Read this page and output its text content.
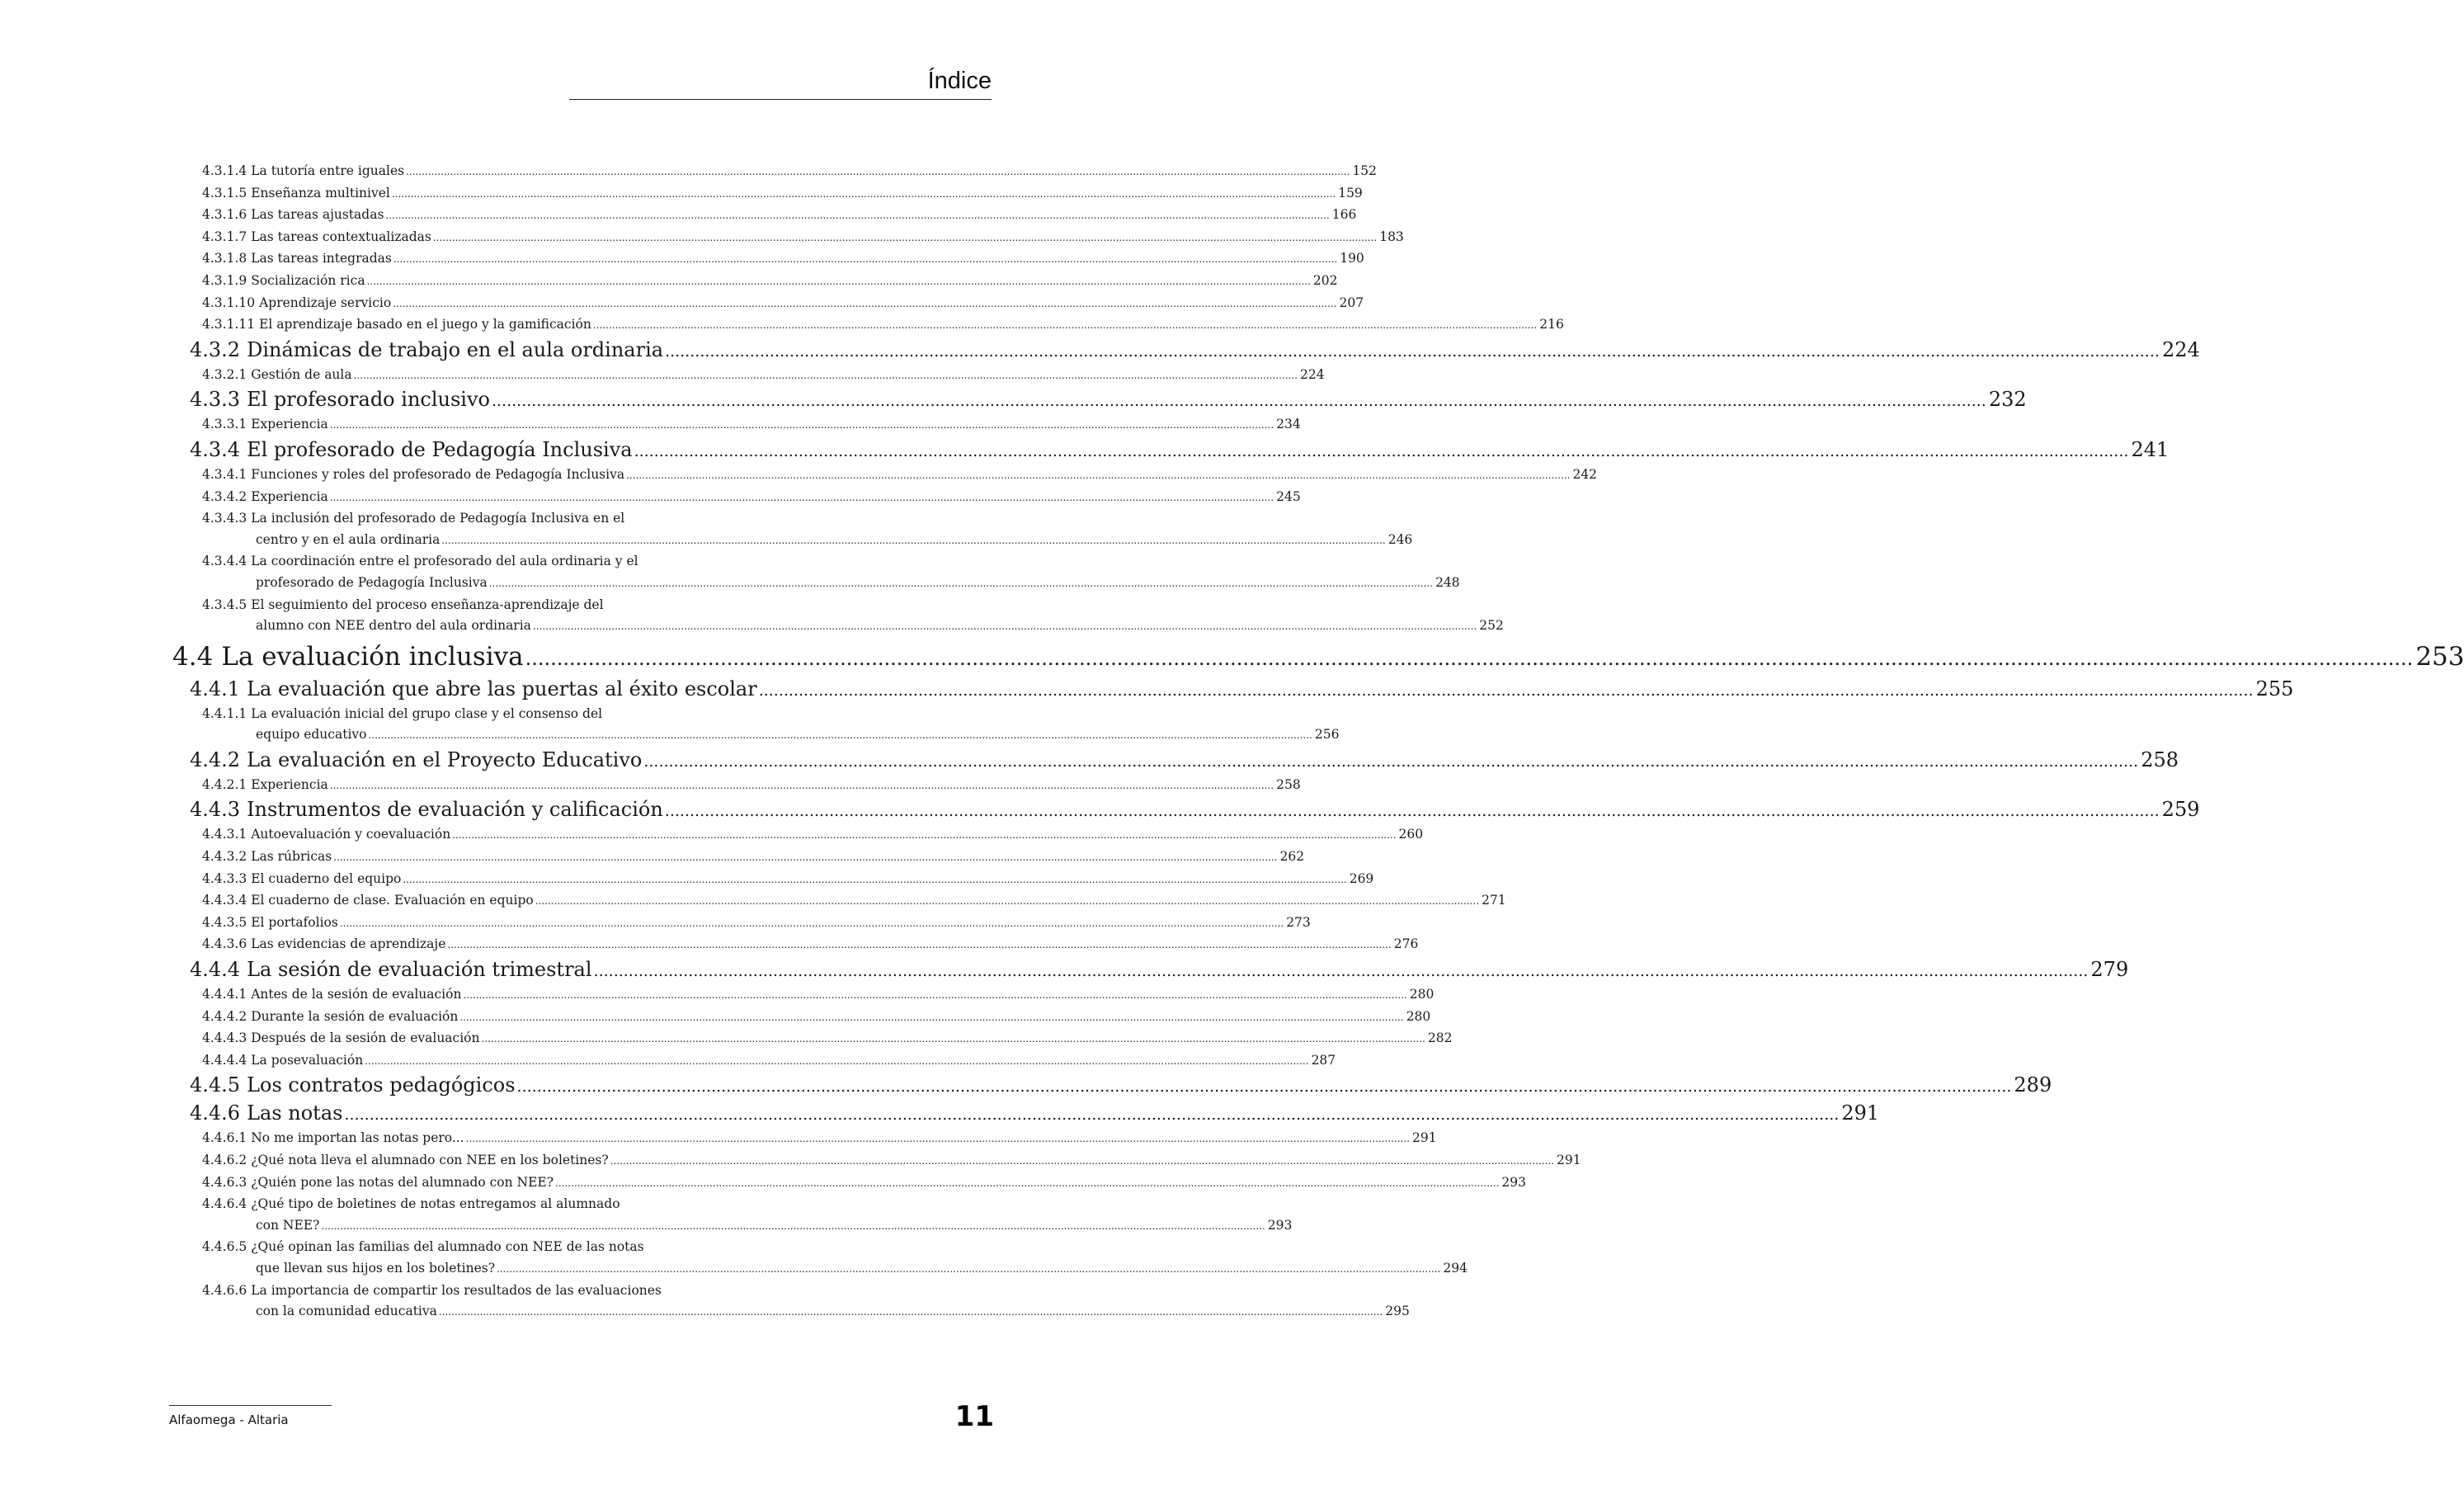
Índice
4.3.1.4 La tutoría entre iguales ............................................................................................................................................................................................................................................................................................................ 152
4.3.1.5 Enseñanza multinivel ............................................................................................................................................................................................................................................................................................................ 159
4.3.1.6 Las tareas ajustadas ............................................................................................................................................................................................................................................................................................................ 166
4.3.1.7 Las tareas contextualizadas ............................................................................................................................................................................................................................................................................................................ 183
4.3.1.8 Las tareas integradas ............................................................................................................................................................................................................................................................................................................ 190
4.3.1.9 Socialización rica ............................................................................................................................................................................................................................................................................................................ 202
4.3.1.10 Aprendizaje servicio ............................................................................................................................................................................................................................................................................................................ 207
4.3.1.11 El aprendizaje basado en el juego y la gamificación ............................................................................................................................................................................................................................................................................................................ 216
4.3.2 Dinámicas de trabajo en el aula ordinaria ............................................................................................................................................................................................................................................................................................................ 224
4.3.2.1 Gestión de aula ............................................................................................................................................................................................................................................................................................................ 224
4.3.3 El profesorado inclusivo ............................................................................................................................................................................................................................................................................................................ 232
4.3.3.1 Experiencia ............................................................................................................................................................................................................................................................................................................ 234
4.3.4 El profesorado de Pedagogía Inclusiva ............................................................................................................................................................................................................................................................................................................ 241
4.3.4.1 Funciones y roles del profesorado de Pedagogía Inclusiva ............................................................................................................................................................................................................................................................................................................ 242
4.3.4.2 Experiencia ............................................................................................................................................................................................................................................................................................................ 245
4.3.4.3 La inclusión del profesorado de Pedagogía Inclusiva en el
centro y en el aula ordinaria ............................................................................................................................................................................................................................................................................................................ 246
4.3.4.4 La coordinación entre el profesorado del aula ordinaria y el
profesorado de Pedagogía Inclusiva ............................................................................................................................................................................................................................................................................................................ 248
4.3.4.5 El seguimiento del proceso enseñanza-aprendizaje del
alumno con NEE dentro del aula ordinaria ............................................................................................................................................................................................................................................................................................................ 252
4.4 La evaluación inclusiva ............................................................................................................................................................................................................................................................................................................ 253
4.4.1 La evaluación que abre las puertas al éxito escolar ............................................................................................................................................................................................................................................................................................................ 255
4.4.1.1 La evaluación inicial del grupo clase y el consenso del
equipo educativo ............................................................................................................................................................................................................................................................................................................ 256
4.4.2 La evaluación en el Proyecto Educativo ............................................................................................................................................................................................................................................................................................................ 258
4.4.2.1 Experiencia ............................................................................................................................................................................................................................................................................................................ 258
4.4.3 Instrumentos de evaluación y calificación ............................................................................................................................................................................................................................................................................................................ 259
4.4.3.1 Autoevaluación y coevaluación ............................................................................................................................................................................................................................................................................................................ 260
4.4.3.2 Las rúbricas ............................................................................................................................................................................................................................................................................................................ 262
4.4.3.3 El cuaderno del equipo ............................................................................................................................................................................................................................................................................................................ 269
4.4.3.4 El cuaderno de clase. Evaluación en equipo ............................................................................................................................................................................................................................................................................................................ 271
4.4.3.5 El portafolios ............................................................................................................................................................................................................................................................................................................ 273
4.4.3.6 Las evidencias de aprendizaje ............................................................................................................................................................................................................................................................................................................ 276
4.4.4 La sesión de evaluación trimestral ............................................................................................................................................................................................................................................................................................................ 279
4.4.4.1 Antes de la sesión de evaluación ............................................................................................................................................................................................................................................................................................................ 280
4.4.4.2 Durante la sesión de evaluación ............................................................................................................................................................................................................................................................................................................ 280
4.4.4.3 Después de la sesión de evaluación ............................................................................................................................................................................................................................................................................................................ 282
4.4.4.4 La posevaluación ............................................................................................................................................................................................................................................................................................................ 287
4.4.5 Los contratos pedagógicos ............................................................................................................................................................................................................................................................................................................ 289
4.4.6 Las notas ............................................................................................................................................................................................................................................................................................................ 291
4.4.6.1 No me importan las notas pero... ............................................................................................................................................................................................................................................................................................................ 291
4.4.6.2 ¿Qué nota lleva el alumnado con NEE en los boletines? ............................................................................................................................................................................................................................................................................................................ 291
4.4.6.3 ¿Quién pone las notas del alumnado con NEE? ............................................................................................................................................................................................................................................................................................................ 293
4.4.6.4 ¿Qué tipo de boletines de notas entregamos al alumnado
con NEE? ............................................................................................................................................................................................................................................................................................................ 293
4.4.6.5 ¿Qué opinan las familias del alumnado con NEE de las notas
que llevan sus hijos en los boletines? ............................................................................................................................................................................................................................................................................................................ 294
4.4.6.6 La importancia de compartir los resultados de las evaluaciones
con la comunidad educativa ............................................................................................................................................................................................................................................................................................................ 295
Alfaomega - Altaria	11
